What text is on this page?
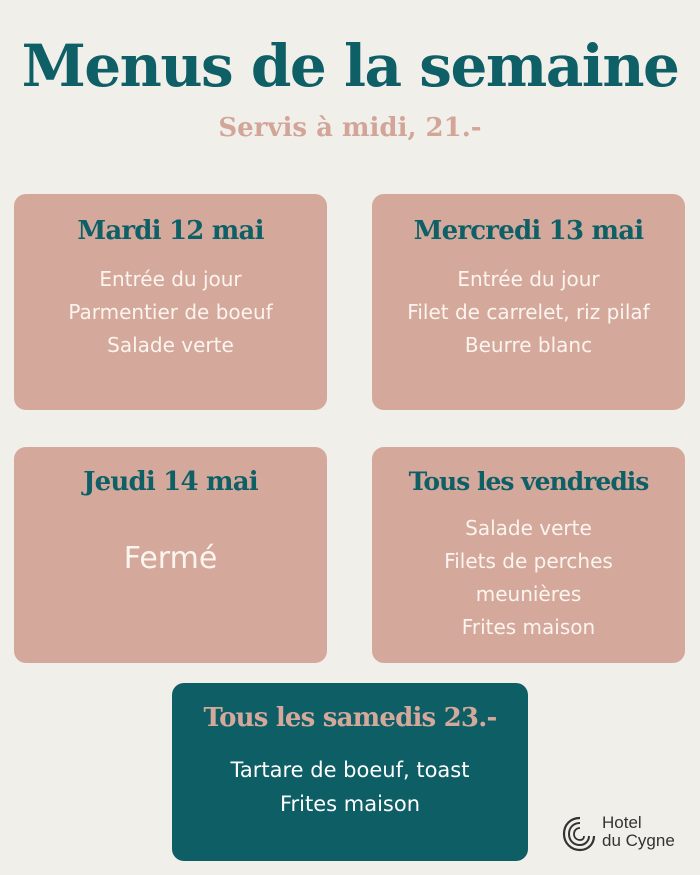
Menus de la semaine
Servis à midi, 21.-
Mardi 12 mai
Entrée du jour
Parmentier de boeuf
Salade verte
Mercredi 13 mai
Entrée du jour
Filet de carrelet, riz pilaf
Beurre blanc
Jeudi 14 mai
Fermé
Tous les vendredis
Salade verte
Filets de perches
meunières
Frites maison
Tous les samedis 23.-
Tartare de boeuf, toast
Frites maison
Hotel
du Cygne
